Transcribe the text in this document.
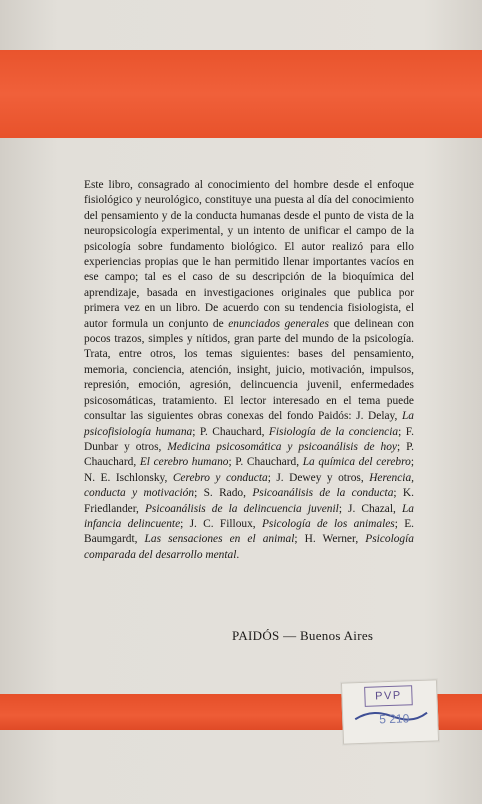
Este libro, consagrado al conocimiento del hombre desde el enfoque fisiológico y neurológico, constituye una puesta al día del conocimiento del pensamiento y de la conducta humanas desde el punto de vista de la neuropsicología experimental, y un intento de unificar el campo de la psicología sobre fundamento biológico. El autor realizó para ello experiencias propias que le han permitido llenar importantes vacíos en ese campo; tal es el caso de su descripción de la bioquímica del aprendizaje, basada en investigaciones originales que publica por primera vez en un libro. De acuerdo con su tendencia fisiologista, el autor formula un conjunto de enunciados generales que delinean con pocos trazos, simples y nítidos, gran parte del mundo de la psicología. Trata, entre otros, los temas siguientes: bases del pensamiento, memoria, conciencia, atención, insight, juicio, motivación, impulsos, represión, emoción, agresión, delincuencia juvenil, enfermedades psicosomáticas, tratamiento. El lector interesado en el tema puede consultar las siguientes obras conexas del fondo Paidós: J. Delay, La psicofisiología humana; P. Chauchard, Fisiología de la conciencia; F. Dunbar y otros, Medicina psicosomática y psicoanálisis de hoy; P. Chauchard, El cerebro humano; P. Chauchard, La química del cerebro; N. E. Ischlonsky, Cerebro y conducta; J. Dewey y otros, Herencia, conducta y motivación; S. Rado, Psicoanálisis de la conducta; K. Friedlander, Psicoanálisis de la delincuencia juvenil; J. Chazal, La infancia delincuente; J. C. Filloux, Psicología de los animales; E. Baumgardt, Las sensaciones en el animal; H. Werner, Psicología comparada del desarrollo mental.

PAIDÓS — Buenos Aires
PVP
5 210
